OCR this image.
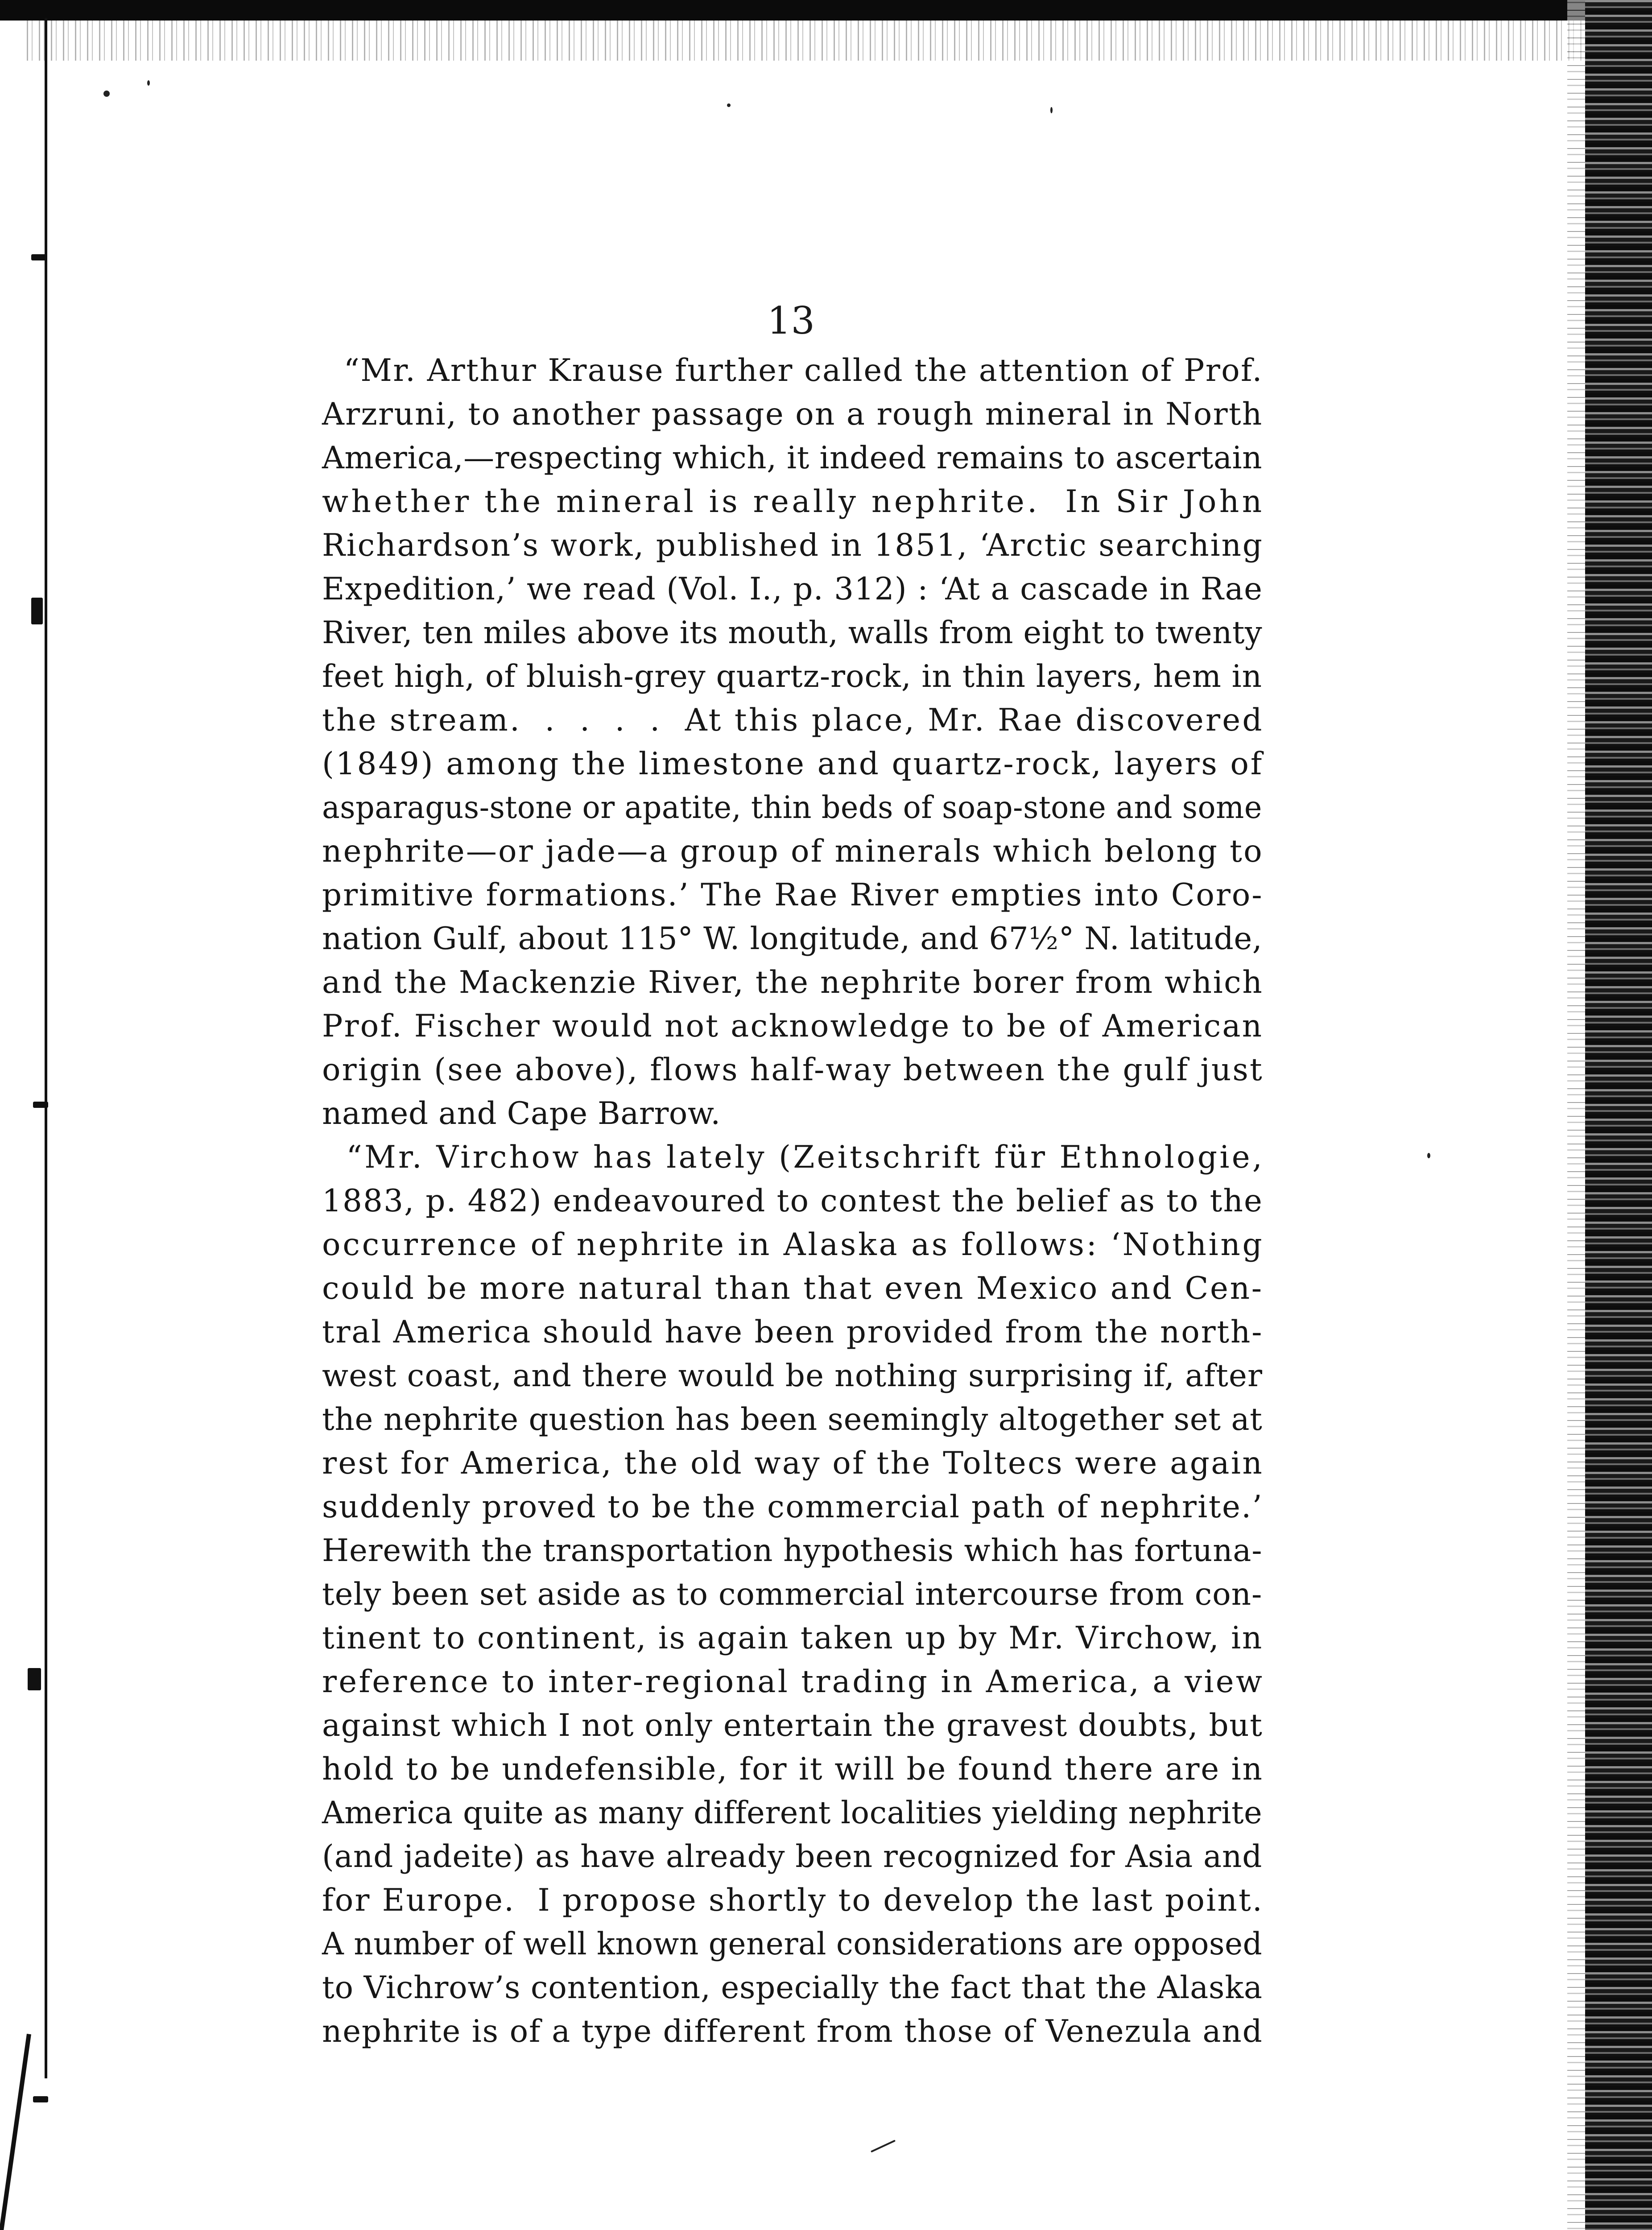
13
“Mr. Arthur Krause further called the attention of Prof.
Arzruni, to another passage on a rough mineral in North
America,—respecting which, it indeed remains to ascertain
whether the mineral is really nephrite.  In Sir John
Richardson’s work, published in 1851, ‘Arctic searching
Expedition,’ we read (Vol. I., p. 312) : ‘At a cascade in Rae
River, ten miles above its mouth, walls from eight to twenty
feet high, of bluish-grey quartz-rock, in thin layers, hem in
the stream.  .  .  .  .  At this place, Mr. Rae discovered
(1849) among the limestone and quartz-rock, layers of
asparagus-stone or apatite, thin beds of soap-stone and some
nephrite—or jade—a group of minerals which belong to
primitive formations.’ The Rae River empties into Coro-
nation Gulf, about 115° W. longitude, and 67½° N. latitude,
and the Mackenzie River, the nephrite borer from which
Prof. Fischer would not acknowledge to be of American
origin (see above), flows half-way between the gulf just
named and Cape Barrow.
“Mr. Virchow has lately (Zeitschrift für Ethnologie,
1883, p. 482) endeavoured to contest the belief as to the
occurrence of nephrite in Alaska as follows: ‘Nothing
could be more natural than that even Mexico and Cen-
tral America should have been provided from the north-
west coast, and there would be nothing surprising if, after
the nephrite question has been seemingly altogether set at
rest for America, the old way of the Toltecs were again
suddenly proved to be the commercial path of nephrite.’
Herewith the transportation hypothesis which has fortuna-
tely been set aside as to commercial intercourse from con-
tinent to continent, is again taken up by Mr. Virchow, in
reference to inter-regional trading in America, a view
against which I not only entertain the gravest doubts, but
hold to be undefensible, for it will be found there are in
America quite as many different localities yielding nephrite
(and jadeite) as have already been recognized for Asia and
for Europe.  I propose shortly to develop the last point.
A number of well known general considerations are opposed
to Vichrow’s contention, especially the fact that the Alaska
nephrite is of a type different from those of Venezula and
